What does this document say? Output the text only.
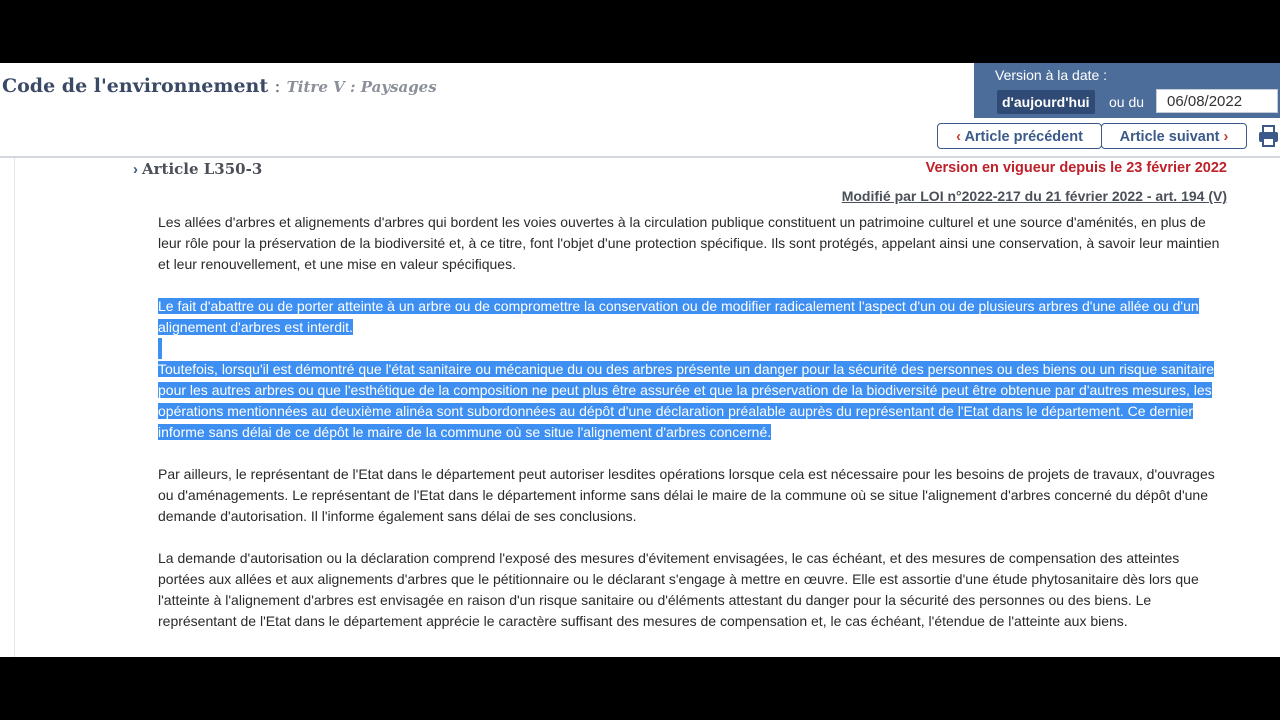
Code de l'environnement : Titre V : Paysages
Version à la date :
d'aujourd'hui	ou du
06/08/2022
‹ Article précédent	Article suivant ›
› Article L350-3	Version en vigueur depuis le 23 février 2022
Modifié par LOI n°2022-217 du 21 février 2022 - art. 194 (V)

Les allées d'arbres et alignements d'arbres qui bordent les voies ouvertes à la circulation publique constituent un patrimoine culturel et une source d'aménités, en plus de leur rôle pour la préservation de la biodiversité et, à ce titre, font l'objet d'une protection spécifique. Ils sont protégés, appelant ainsi une conservation, à savoir leur maintien et leur renouvellement, et une mise en valeur spécifiques.

Le fait d'abattre ou de porter atteinte à un arbre ou de compromettre la conservation ou de modifier radicalement l'aspect d'un ou de plusieurs arbres d'une allée ou d'un alignement d'arbres est interdit.

Toutefois, lorsqu'il est démontré que l'état sanitaire ou mécanique du ou des arbres présente un danger pour la sécurité des personnes ou des biens ou un risque sanitaire pour les autres arbres ou que l'esthétique de la composition ne peut plus être assurée et que la préservation de la biodiversité peut être obtenue par d'autres mesures, les opérations mentionnées au deuxième alinéa sont subordonnées au dépôt d'une déclaration préalable auprès du représentant de l'Etat dans le département. Ce dernier informe sans délai de ce dépôt le maire de la commune où se situe l'alignement d'arbres concerné.

Par ailleurs, le représentant de l'Etat dans le département peut autoriser lesdites opérations lorsque cela est nécessaire pour les besoins de projets de travaux, d'ouvrages ou d'aménagements. Le représentant de l'Etat dans le département informe sans délai le maire de la commune où se situe l'alignement d'arbres concerné du dépôt d'une demande d'autorisation. Il l'informe également sans délai de ses conclusions.

La demande d'autorisation ou la déclaration comprend l'exposé des mesures d'évitement envisagées, le cas échéant, et des mesures de compensation des atteintes portées aux allées et aux alignements d'arbres que le pétitionnaire ou le déclarant s'engage à mettre en œuvre. Elle est assortie d'une étude phytosanitaire dès lors que l'atteinte à l'alignement d'arbres est envisagée en raison d'un risque sanitaire ou d'éléments attestant du danger pour la sécurité des personnes ou des biens. Le représentant de l'Etat dans le département apprécie le caractère suffisant des mesures de compensation et, le cas échéant, l'étendue de l'atteinte aux biens.
